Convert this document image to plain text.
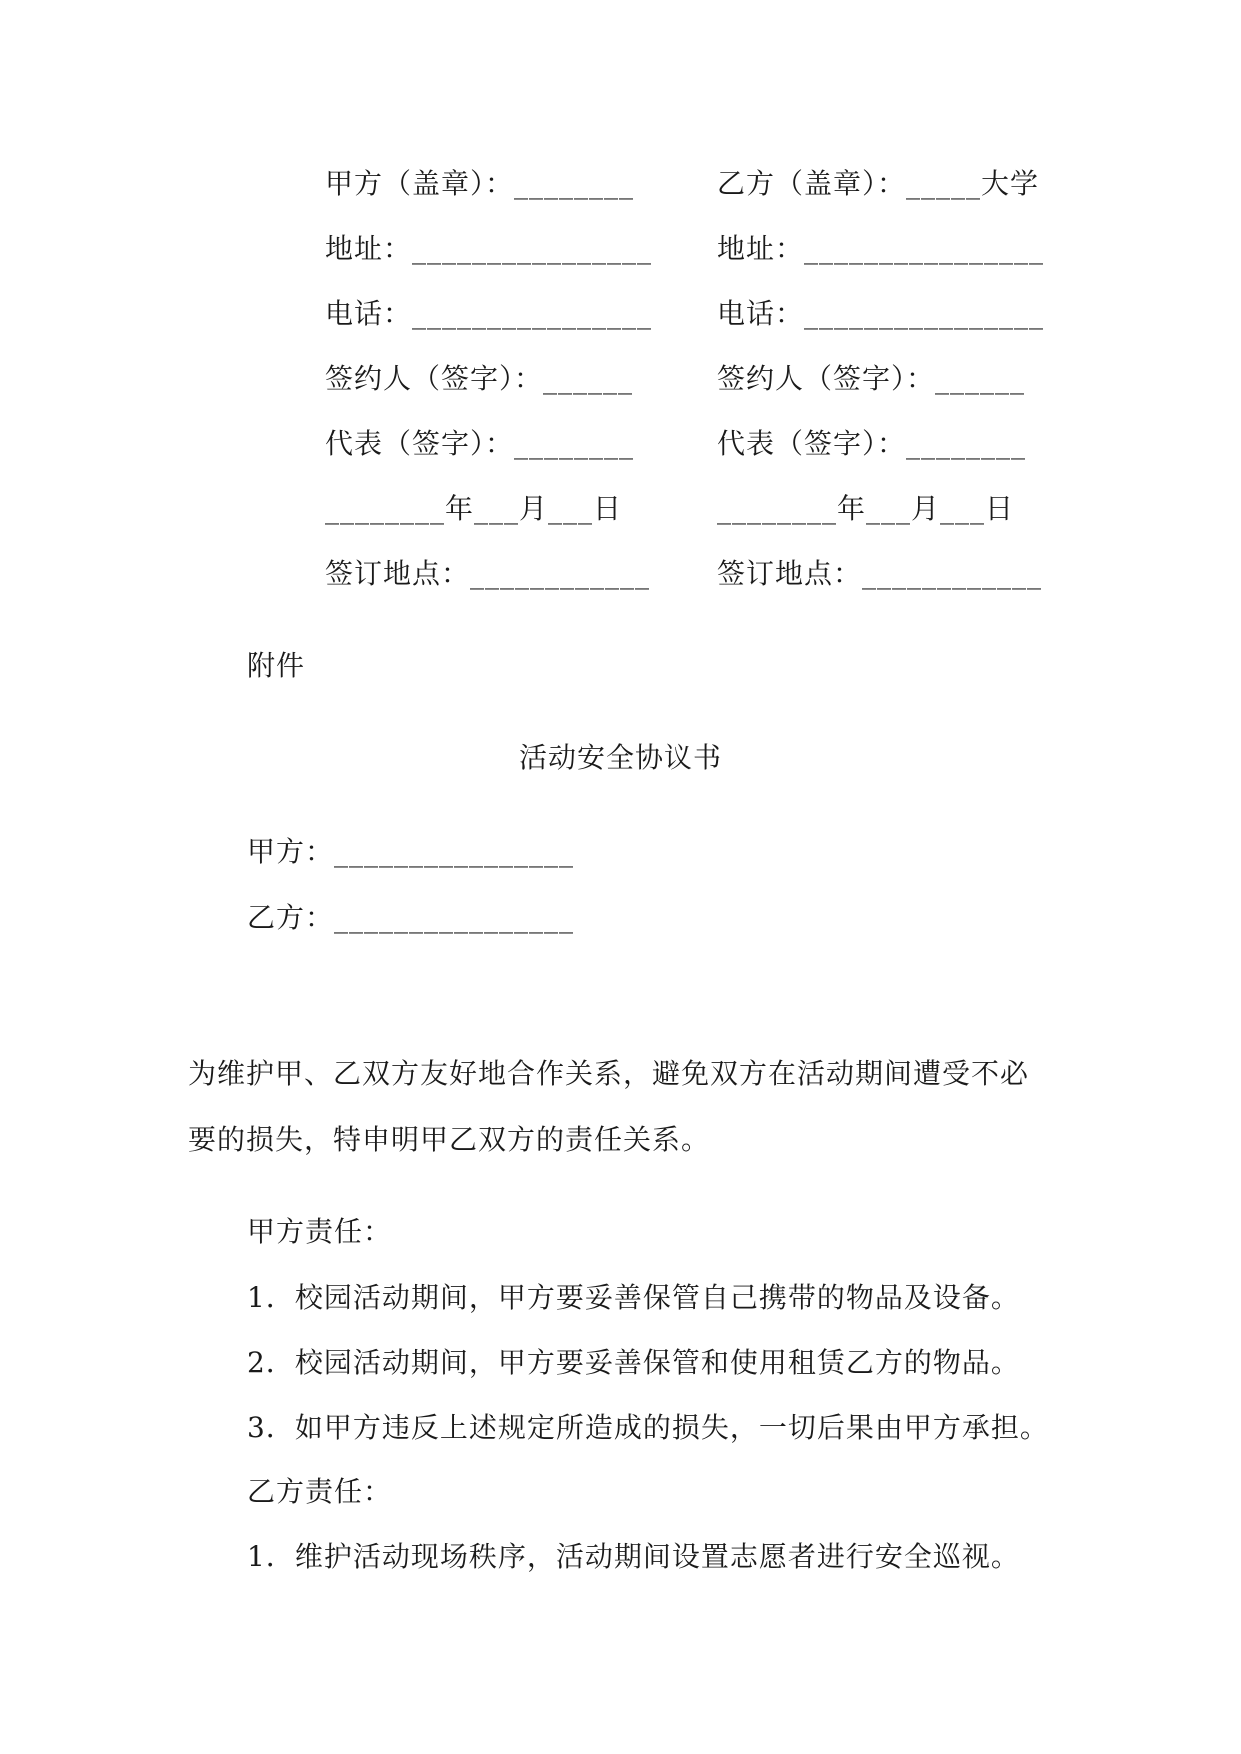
甲方（盖章）：________
地址：________________
电话：________________
签约人（签字）：______
代表（签字）：________
________年___月___日
签订地点：____________
乙方（盖章）：_____大学
地址：________________
电话：________________
签约人（签字）：______
代表（签字）：________
________年___月___日
签订地点：____________
附件
活动安全协议书
甲方：________________
乙方：________________
为维护甲、乙双方友好地合作关系，避免双方在活动期间遭受不必
要的损失，特申明甲乙双方的责任关系。
甲方责任：
1．校园活动期间，甲方要妥善保管自己携带的物品及设备。
2．校园活动期间，甲方要妥善保管和使用租赁乙方的物品。
3．如甲方违反上述规定所造成的损失，一切后果由甲方承担。
乙方责任：
1．维护活动现场秩序，活动期间设置志愿者进行安全巡视。
